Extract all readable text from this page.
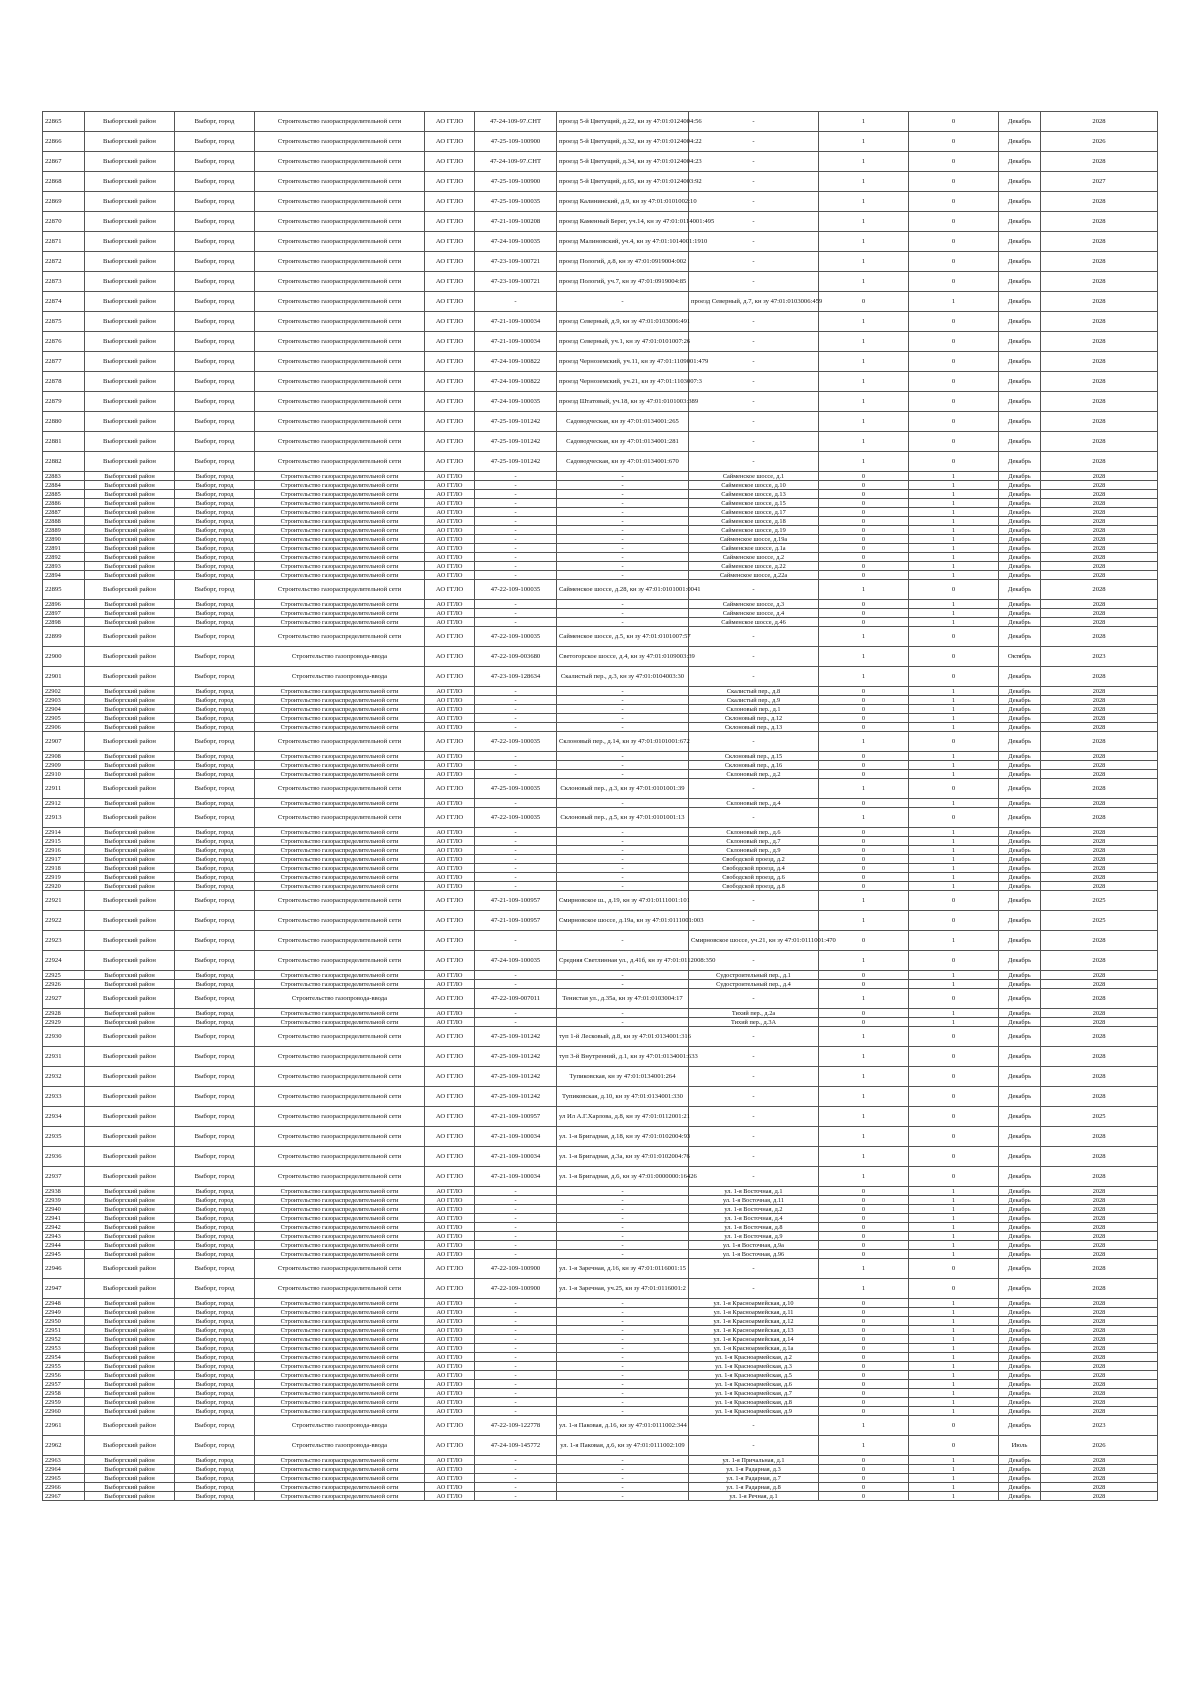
22865	Выборгский район	Выборг, город	Строительство газораспределительной сети	АО ГГЛО	47-24-109-97.СНТ	проезд 5-й Цветущий, д.22, кн зу 47:01:0124004:56	-	1	0	Декабрь	2028
22866	Выборгский район	Выборг, город	Строительство газораспределительной сети	АО ГГЛО	47-25-109-100900	проезд 5-й Цветущий, д.32, кн зу 47:01:0124004:22	-	1	0	Декабрь	2026
22867	Выборгский район	Выборг, город	Строительство газораспределительной сети	АО ГГЛО	47-24-109-97.СНТ	проезд 5-й Цветущий, д.34, кн зу 47:01:0124004:23	-	1	0	Декабрь	2028
22868	Выборгский район	Выборг, город	Строительство газораспределительной сети	АО ГГЛО	47-25-109-100900	проезд 5-й Цветущий, д.65, кн зу 47:01:0124003:92	-	1	0	Декабрь	2027
22869	Выборгский район	Выборг, город	Строительство газораспределительной сети	АО ГГЛО	47-25-109-100035	проезд Калининский, д.9, кн зу 47:01:0101002:10	-	1	0	Декабрь	2028
22870	Выборгский район	Выборг, город	Строительство газораспределительной сети	АО ГГЛО	47-21-109-100208	проезд Каменный Берег, уч.14, кн зу 47:01:0114001:495	-	1	0	Декабрь	2028
22871	Выборгский район	Выборг, город	Строительство газораспределительной сети	АО ГГЛО	47-24-109-100035	проезд Малиновский, уч.4, кн зу 47:01:1014001:1910	-	1	0	Декабрь	2028
22872	Выборгский район	Выборг, город	Строительство газораспределительной сети	АО ГГЛО	47-23-109-100721	проезд Пологий, д.8, кн зу 47:01:0919004:002	-	1	0	Декабрь	2028
22873	Выборгский район	Выборг, город	Строительство газораспределительной сети	АО ГГЛО	47-23-109-100721	проезд Пологий, уч.7, кн зу 47:01:0919004:85	-	1	0	Декабрь	2028
22874	Выборгский район	Выборг, город	Строительство газораспределительной сети	АО ГГЛО	-	-	проезд Северный, д.7, кн зу 47:01:0103006:459	0	1	Декабрь	2028
22875	Выборгский район	Выборг, город	Строительство газораспределительной сети	АО ГГЛО	47-21-109-100034	проезд Северный, д.9, кн зу 47:01:0103006:491	-	1	0	Декабрь	2028
22876	Выборгский район	Выборг, город	Строительство газораспределительной сети	АО ГГЛО	47-21-109-100034	проезд Северный, уч.1, кн зу 47:01:0101007:26	-	1	0	Декабрь	2028
22877	Выборгский район	Выборг, город	Строительство газораспределительной сети	АО ГГЛО	47-24-109-100822	проезд Черноземский, уч.11, кн зу 47:01:1109001:479	-	1	0	Декабрь	2028
22878	Выборгский район	Выборг, город	Строительство газораспределительной сети	АО ГГЛО	47-24-109-100822	проезд Черноземский, уч.21, кн зу 47:01:1103007:3	-	1	0	Декабрь	2028
22879	Выборгский район	Выборг, город	Строительство газораспределительной сети	АО ГГЛО	47-24-109-100035	проезд Штатовый, уч.18, кн зу 47:01:0101003:389	-	1	0	Декабрь	2028
22880	Выборгский район	Выборг, город	Строительство газораспределительной сети	АО ГГЛО	47-25-109-101242	Садоводческая, кн зу 47:01:0134001:265	-	1	0	Декабрь	2028
22881	Выборгский район	Выборг, город	Строительство газораспределительной сети	АО ГГЛО	47-25-109-101242	Садоводческая, кн зу 47:01:0134001:281	-	1	0	Декабрь	2028
22882	Выборгский район	Выборг, город	Строительство газораспределительной сети	АО ГГЛО	47-25-109-101242	Садоводческая, кн зу 47:01:0134001:670	-	1	0	Декабрь	2028
22883	Выборгский район	Выборг, город	Строительство газораспределительной сети	АО ГГЛО	-	-	Сайменское шоссе, д.1	0	1	Декабрь	2028
22884	Выборгский район	Выборг, город	Строительство газораспределительной сети	АО ГГЛО	-	-	Сайменское шоссе, д.10	0	1	Декабрь	2028
22885	Выборгский район	Выборг, город	Строительство газораспределительной сети	АО ГГЛО	-	-	Сайменское шоссе, д.13	0	1	Декабрь	2028
22886	Выборгский район	Выборг, город	Строительство газораспределительной сети	АО ГГЛО	-	-	Сайменское шоссе, д.15	0	1	Декабрь	2028
22887	Выборгский район	Выборг, город	Строительство газораспределительной сети	АО ГГЛО	-	-	Сайменское шоссе, д.17	0	1	Декабрь	2028
22888	Выборгский район	Выборг, город	Строительство газораспределительной сети	АО ГГЛО	-	-	Сайменское шоссе, д.18	0	1	Декабрь	2028
22889	Выборгский район	Выборг, город	Строительство газораспределительной сети	АО ГГЛО	-	-	Сайменское шоссе, д.19	0	1	Декабрь	2028
22890	Выборгский район	Выборг, город	Строительство газораспределительной сети	АО ГГЛО	-	-	Сайменское шоссе, д.19а	0	1	Декабрь	2028
22891	Выборгский район	Выборг, город	Строительство газораспределительной сети	АО ГГЛО	-	-	Сайменское шоссе, д.1а	0	1	Декабрь	2028
22892	Выборгский район	Выборг, город	Строительство газораспределительной сети	АО ГГЛО	-	-	Сайменское шоссе, д.2	0	1	Декабрь	2028
22893	Выборгский район	Выборг, город	Строительство газораспределительной сети	АО ГГЛО	-	-	Сайменское шоссе, д.22	0	1	Декабрь	2028
22894	Выборгский район	Выборг, город	Строительство газораспределительной сети	АО ГГЛО	-	-	Сайменское шоссе, д.22а	0	1	Декабрь	2028
22895	Выборгский район	Выборг, город	Строительство газораспределительной сети	АО ГГЛО	47-22-109-100035	Сайменское шоссе, д.28, кн зу 47:01:0101001:0041	-	1	0	Декабрь	2028
22896	Выборгский район	Выборг, город	Строительство газораспределительной сети	АО ГГЛО	-	-	Сайменское шоссе, д.3	0	1	Декабрь	2028
22897	Выборгский район	Выборг, город	Строительство газораспределительной сети	АО ГГЛО	-	-	Сайменское шоссе, д.4	0	1	Декабрь	2028
22898	Выборгский район	Выборг, город	Строительство газораспределительной сети	АО ГГЛО	-	-	Сайменское шоссе, д.46	0	1	Декабрь	2028
22899	Выборгский район	Выборг, город	Строительство газораспределительной сети	АО ГГЛО	47-22-109-100035	Сайменское шоссе, д.5, кн зу 47:01:0101007:57	-	1	0	Декабрь	2028
22900	Выборгский район	Выборг, город	Строительство газопровода-ввода	АО ГГЛО	47-22-109-003680	Светогорское шоссе, д.4, кн зу 47:01:0109003:39	-	1	0	Октябрь	2023
22901	Выборгский район	Выборг, город	Строительство газопровода-ввода	АО ГГЛО	47-23-109-128634	Скалистый пер., д.3, кн зу 47:01:0104003:30	-	1	0	Декабрь	2028
22902	Выборгский район	Выборг, город	Строительство газораспределительной сети	АО ГГЛО	-	-	Скалистый пер., д.8	0	1	Декабрь	2028
22903	Выборгский район	Выборг, город	Строительство газораспределительной сети	АО ГГЛО	-	-	Скалистый пер., д.9	0	1	Декабрь	2028
22904	Выборгский район	Выборг, город	Строительство газораспределительной сети	АО ГГЛО	-	-	Склоновый пер., д.1	0	1	Декабрь	2028
22905	Выборгский район	Выборг, город	Строительство газораспределительной сети	АО ГГЛО	-	-	Склоновый пер., д.12	0	1	Декабрь	2028
22906	Выборгский район	Выборг, город	Строительство газораспределительной сети	АО ГГЛО	-	-	Склоновый пер., д.13	0	1	Декабрь	2028
22907	Выборгский район	Выборг, город	Строительство газораспределительной сети	АО ГГЛО	47-22-109-100035	Склоновый пер., д.14, кн зу 47:01:0101001:672	-	1	0	Декабрь	2028
22908	Выборгский район	Выборг, город	Строительство газораспределительной сети	АО ГГЛО	-	-	Склоновый пер., д.15	0	1	Декабрь	2028
22909	Выборгский район	Выборг, город	Строительство газораспределительной сети	АО ГГЛО	-	-	Склоновый пер., д.16	0	1	Декабрь	2028
22910	Выборгский район	Выборг, город	Строительство газораспределительной сети	АО ГГЛО	-	-	Склоновый пер., д.2	0	1	Декабрь	2028
22911	Выборгский район	Выборг, город	Строительство газораспределительной сети	АО ГГЛО	47-25-109-100035	Склоновый пер., д.3, кн зу 47:01:0101001:39	-	1	0	Декабрь	2028
22912	Выборгский район	Выборг, город	Строительство газораспределительной сети	АО ГГЛО	-	-	Склоновый пер., д.4	0	1	Декабрь	2028
22913	Выборгский район	Выборг, город	Строительство газораспределительной сети	АО ГГЛО	47-22-109-100035	Склоновый пер., д.5, кн зу 47:01:0101001:13	-	1	0	Декабрь	2028
22914	Выборгский район	Выборг, город	Строительство газораспределительной сети	АО ГГЛО	-	-	Склоновый пер., д.6	0	1	Декабрь	2028
22915	Выборгский район	Выборг, город	Строительство газораспределительной сети	АО ГГЛО	-	-	Склоновый пер., д.7	0	1	Декабрь	2028
22916	Выборгский район	Выборг, город	Строительство газораспределительной сети	АО ГГЛО	-	-	Склоновый пер., д.9	0	1	Декабрь	2028
22917	Выборгский район	Выборг, город	Строительство газораспределительной сети	АО ГГЛО	-	-	Свободской проезд, д.2	0	1	Декабрь	2028
22918	Выборгский район	Выборг, город	Строительство газораспределительной сети	АО ГГЛО	-	-	Свободской проезд, д.4	0	1	Декабрь	2028
22919	Выборгский район	Выборг, город	Строительство газораспределительной сети	АО ГГЛО	-	-	Свободской проезд, д.6	0	1	Декабрь	2028
22920	Выборгский район	Выборг, город	Строительство газораспределительной сети	АО ГГЛО	-	-	Свободской проезд, д.8	0	1	Декабрь	2028
22921	Выборгский район	Выборг, город	Строительство газораспределительной сети	АО ГГЛО	47-21-109-100957	Смирновское ш., д.19, кн зу 47:01:0111001:101	-	1	0	Декабрь	2025
22922	Выборгский район	Выборг, город	Строительство газораспределительной сети	АО ГГЛО	47-21-109-100957	Смирновское шоссе, д.19а, кн зу 47:01:0111001:003	-	1	0	Декабрь	2025
22923	Выборгский район	Выборг, город	Строительство газораспределительной сети	АО ГГЛО	-	-	Смирновское шоссе, уч.21, кн зу 47:01:0111001:470	0	1	Декабрь	2028
22924	Выборгский район	Выборг, город	Строительство газораспределительной сети	АО ГГЛО	47-24-109-100035	Средняя Светлинная ул., д.41б, кн зу 47:01:0112008:350	-	1	0	Декабрь	2028
22925	Выборгский район	Выборг, город	Строительство газораспределительной сети	АО ГГЛО	-	-	Судостроительный пер., д.1	0	1	Декабрь	2028
22926	Выборгский район	Выборг, город	Строительство газораспределительной сети	АО ГГЛО	-	-	Судостроительный пер., д.4	0	1	Декабрь	2028
22927	Выборгский район	Выборг, город	Строительство газопровода-ввода	АО ГГЛО	47-22-109-007011	Тенистая ул., д.35а, кн зу 47:01:0103004:17	-	1	0	Декабрь	2028
22928	Выборгский район	Выборг, город	Строительство газораспределительной сети	АО ГГЛО	-	-	Тихий пер., д.2а	0	1	Декабрь	2028
22929	Выборгский район	Выборг, город	Строительство газораспределительной сети	АО ГГЛО	-	-	Тихий пер., д.3А	0	1	Декабрь	2028
22930	Выборгский район	Выборг, город	Строительство газораспределительной сети	АО ГГЛО	47-25-109-101242	туп 1-й Лесковый, д.8, кн зу 47:01:0134001:316	-	1	0	Декабрь	2028
22931	Выборгский район	Выборг, город	Строительство газораспределительной сети	АО ГГЛО	47-25-109-101242	туп 3-й Внутренний, д.1, кн зу 47:01:0134001:633	-	1	0	Декабрь	2028
22932	Выборгский район	Выборг, город	Строительство газораспределительной сети	АО ГГЛО	47-25-109-101242	Тупиковская, кн зу 47:01:0134001:264	-	1	0	Декабрь	2028
22933	Выборгский район	Выборг, город	Строительство газораспределительной сети	АО ГГЛО	47-25-109-101242	Тупиковская, д.10, кн зу 47:01:0134001:330	-	1	0	Декабрь	2028
22934	Выборгский район	Выборг, город	Строительство газораспределительной сети	АО ГГЛО	47-21-109-100957	ул Ил А.Г.Харлова, д.8, кн зу 47:01:0112001:21	-	1	0	Декабрь	2025
22935	Выборгский район	Выборг, город	Строительство газораспределительной сети	АО ГГЛО	47-21-109-100034	ул. 1-я Бригадная, д.18, кн зу 47:01:0102004:93	-	1	0	Декабрь	2028
22936	Выборгский район	Выборг, город	Строительство газораспределительной сети	АО ГГЛО	47-21-109-100034	ул. 1-я Бригадная, д.3а, кн зу 47:01:0102004:76	-	1	0	Декабрь	2028
22937	Выборгский район	Выборг, город	Строительство газораспределительной сети	АО ГГЛО	47-21-109-100034	ул. 1-я Бригадная, д.6, кн зу 47:01:0000000:16426	-	1	0	Декабрь	2028
22938	Выборгский район	Выборг, город	Строительство газораспределительной сети	АО ГГЛО	-	-	ул. 1-я Восточная, д.1	0	1	Декабрь	2028
22939	Выборгский район	Выборг, город	Строительство газораспределительной сети	АО ГГЛО	-	-	ул. 1-я Восточная, д.11	0	1	Декабрь	2028
22940	Выборгский район	Выборг, город	Строительство газораспределительной сети	АО ГГЛО	-	-	ул. 1-я Восточная, д.2	0	1	Декабрь	2028
22941	Выборгский район	Выборг, город	Строительство газораспределительной сети	АО ГГЛО	-	-	ул. 1-я Восточная, д.4	0	1	Декабрь	2028
22942	Выборгский район	Выборг, город	Строительство газораспределительной сети	АО ГГЛО	-	-	ул. 1-я Восточная, д.8	0	1	Декабрь	2028
22943	Выборгский район	Выборг, город	Строительство газораспределительной сети	АО ГГЛО	-	-	ул. 1-я Восточная, д.9	0	1	Декабрь	2028
22944	Выборгский район	Выборг, город	Строительство газораспределительной сети	АО ГГЛО	-	-	ул. 1-я Восточная, д.9а	0	1	Декабрь	2028
22945	Выборгский район	Выборг, город	Строительство газораспределительной сети	АО ГГЛО	-	-	ул. 1-я Восточная, д.96	0	1	Декабрь	2028
22946	Выборгский район	Выборг, город	Строительство газораспределительной сети	АО ГГЛО	47-22-109-100900	ул. 1-я Заречная, д.16, кн зу 47:01:0116001:15	-	1	0	Декабрь	2028
22947	Выборгский район	Выборг, город	Строительство газораспределительной сети	АО ГГЛО	47-22-109-100900	ул. 1-я Заречная, уч.25, кн зу 47:01:0116001:2	-	1	0	Декабрь	2028
22948	Выборгский район	Выборг, город	Строительство газораспределительной сети	АО ГГЛО	-	-	ул. 1-я Красноармейская, д.10	0	1	Декабрь	2028
22949	Выборгский район	Выборг, город	Строительство газораспределительной сети	АО ГГЛО	-	-	ул. 1-я Красноармейская, д.11	0	1	Декабрь	2028
22950	Выборгский район	Выборг, город	Строительство газораспределительной сети	АО ГГЛО	-	-	ул. 1-я Красноармейская, д.12	0	1	Декабрь	2028
22951	Выборгский район	Выборг, город	Строительство газораспределительной сети	АО ГГЛО	-	-	ул. 1-я Красноармейская, д.13	0	1	Декабрь	2028
22952	Выборгский район	Выборг, город	Строительство газораспределительной сети	АО ГГЛО	-	-	ул. 1-я Красноармейская, д.14	0	1	Декабрь	2028
22953	Выборгский район	Выборг, город	Строительство газораспределительной сети	АО ГГЛО	-	-	ул. 1-я Красноармейская, д.1а	0	1	Декабрь	2028
22954	Выборгский район	Выборг, город	Строительство газораспределительной сети	АО ГГЛО	-	-	ул. 1-я Красноармейская, д.2	0	1	Декабрь	2028
22955	Выборгский район	Выборг, город	Строительство газораспределительной сети	АО ГГЛО	-	-	ул. 1-я Красноармейская, д.3	0	1	Декабрь	2028
22956	Выборгский район	Выборг, город	Строительство газораспределительной сети	АО ГГЛО	-	-	ул. 1-я Красноармейская, д.5	0	1	Декабрь	2028
22957	Выборгский район	Выборг, город	Строительство газораспределительной сети	АО ГГЛО	-	-	ул. 1-я Красноармейская, д.6	0	1	Декабрь	2028
22958	Выборгский район	Выборг, город	Строительство газораспределительной сети	АО ГГЛО	-	-	ул. 1-я Красноармейская, д.7	0	1	Декабрь	2028
22959	Выборгский район	Выборг, город	Строительство газораспределительной сети	АО ГГЛО	-	-	ул. 1-я Красноармейская, д.8	0	1	Декабрь	2028
22960	Выборгский район	Выборг, город	Строительство газораспределительной сети	АО ГГЛО	-	-	ул. 1-я Красноармейская, д.9	0	1	Декабрь	2028
22961	Выборгский район	Выборг, город	Строительство газопровода-ввода	АО ГГЛО	47-22-109-122778	ул. 1-я Паковая, д.16, кн зу 47:01:0111002:344	-	1	0	Декабрь	2023
22962	Выборгский район	Выборг, город	Строительство газопровода-ввода	АО ГГЛО	47-24-109-145772	ул. 1-я Паковая, д.6, кн зу 47:01:0111002:109	-	1	0	Июль	2026
22963	Выборгский район	Выборг, город	Строительство газораспределительной сети	АО ГГЛО	-	-	ул. 1-я Причальная, д.1	0	1	Декабрь	2028
22964	Выборгский район	Выборг, город	Строительство газораспределительной сети	АО ГГЛО	-	-	ул. 1-я Радарная, д.3	0	1	Декабрь	2028
22965	Выборгский район	Выборг, город	Строительство газораспределительной сети	АО ГГЛО	-	-	ул. 1-я Радарная, д.7	0	1	Декабрь	2028
22966	Выборгский район	Выборг, город	Строительство газораспределительной сети	АО ГГЛО	-	-	ул. 1-я Радарная, д.8	0	1	Декабрь	2028
22967	Выборгский район	Выборг, город	Строительство газораспределительной сети	АО ГГЛО	-	-	ул. 1-я Речная, д.1	0	1	Декабрь	2028
